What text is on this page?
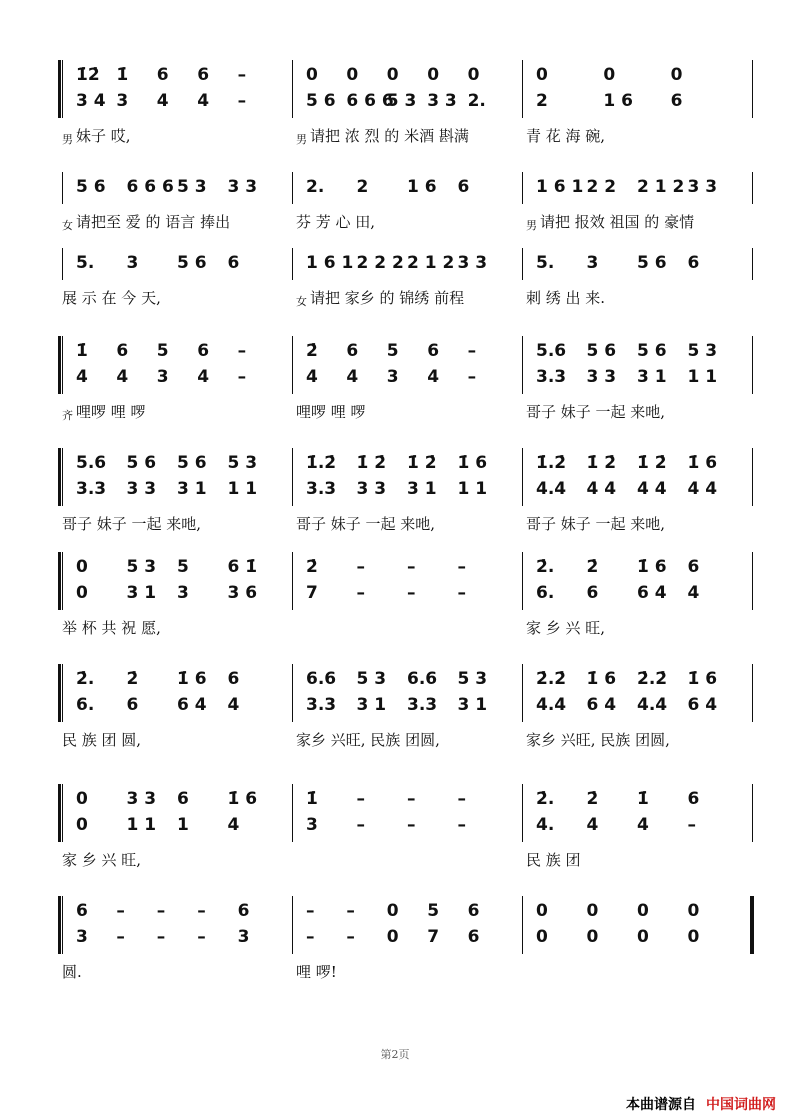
1̇2̇ 1̇ 6 6 –	0 0 0 0 0	0	0	0
3 4 3 4 4 –	5 6 6 6 6
5 3 3 3 2.	2	1 6 6
男 妹子 哎,	男 请把 浓 烈 的 米酒 斟满	青 花 海 碗,
5 6 6 6 6 5 3 3 3	2. 2 1 6 6	1 6 1 2 2 2 1 2 3 3
女 请把至 爱 的 语言 捧出	芬 芳 心 田,	男 请把 报效 祖国 的 豪情
5. 3 5 6 6	1 6 1 2 2 2 2 1 2 3 3	5. 3 5 6 6
展 示 在 今 天,	女 请把 家乡 的 锦绣 前程	刺 绣 出 来.
1̇ 6 5 6 –	2̇ 6 5 6 –	5.6 5 6 5 6 5 3
4 4 3 4 –	4 4 3 4 –	3.3 3 3 3 1 1 1
齐 哩啰 哩 啰	哩啰 哩 啰	哥子 妹子 一起 来吔,
5.6 5 6 5 6 5 3	1̇.2̇ 1̇ 2̇ 1̇ 2̇ 1̇ 6	1̇.2̇ 1̇ 2̇ 1̇ 2̇ 1̇ 6
3.3 3 3 3 1 1 1	3.3 3 3 3 1 1 1	4.4 4 4 4 4 4 4
哥子 妹子 一起 来吔,	哥子 妹子 一起 来吔,	哥子 妹子 一起 来吔,
0 5 3 5 6 1̇	2̇ – – –	2̇. 2̇ 1̇ 6 6
0 3 1 3 3 6	7 – – –	6. 6 6 4 4
举 杯 共 祝 愿,	家 乡 兴 旺,
2̇. 2̇ 1̇ 6 6	6.6 5 3 6.6 5 3	2̇.2̇ 1̇ 6 2̇.2̇ 1̇ 6
6. 6 6 4 4	3.3 3 1 3.3 3 1	4.4 6 4 4.4 6 4
民 族 团 圆,	家乡 兴旺, 民族 团圆,	家乡 兴旺, 民族 团圆,
0 3 3 6 1̇ 6	1̇ – – –	2̇. 2̇ 1̇ 6
0 1 1 1 4	3 – – –	4. 4 4 –
家 乡 兴 旺,	民 族 团
6 – – – 6	– – 0 5 6	0 0 0 0
3 – – – 3	– – 0 7 6	0 0 0 0
圆.	哩 啰!
第2页
本曲谱源自 中国词曲网
